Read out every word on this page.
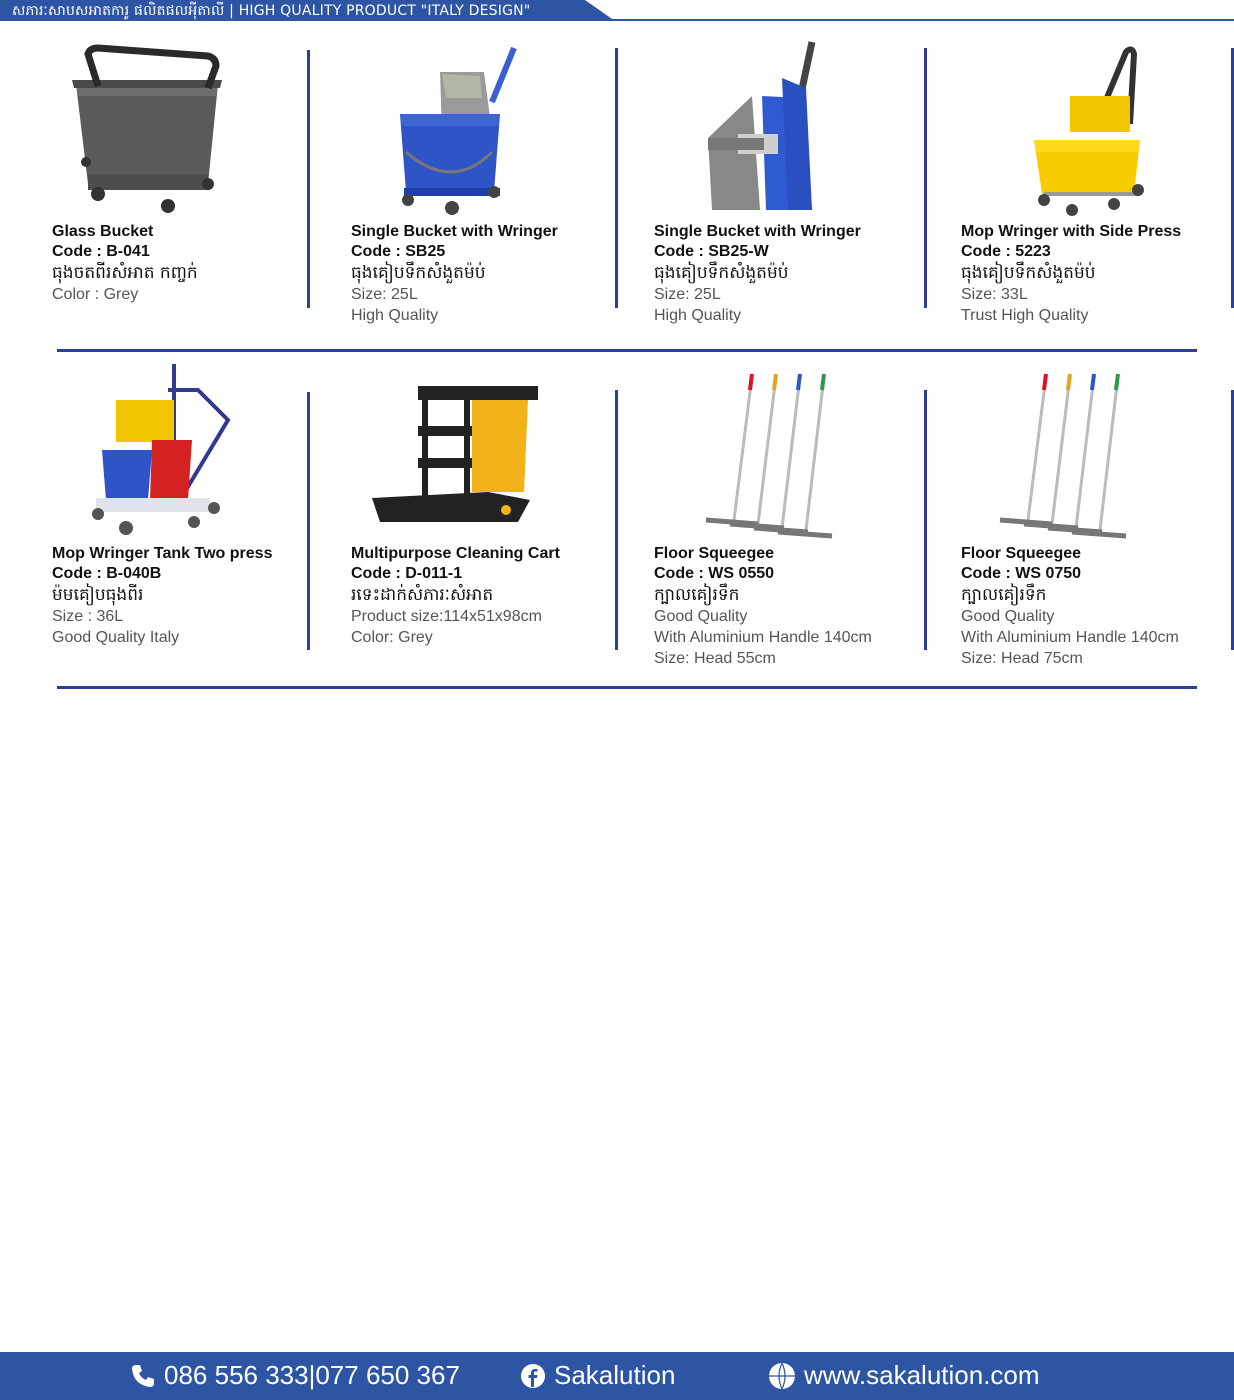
សភារៈសាបសអាតការូ ផលិតផលអុីតាលី | HIGH QUALITY PRODUCT "ITALY DESIGN"
Glass Bucket
Code : B-041
ធុងចតពីរសំអាត កញ្ចក់
Color : Grey
Single Bucket with Wringer
Code : SB25
ធុងគៀបទឹកសំងួតម៉ប់
Size: 25L
High Quality
Single Bucket with Wringer
Code : SB25-W
ធុងគៀបទឹកសំងួតម៉ប់
Size: 25L
High Quality
Mop Wringer with Side Press
Code : 5223
ធុងគៀបទឹកសំងួតម៉ប់
Size: 33L
Trust High Quality
Mop Wringer Tank Two press
Code : B-040B
ម៉មគៀបធុងពីរ
Size : 36L
Good Quality Italy
Multipurpose Cleaning Cart
Code : D-011-1
រទេះដាក់សំភារៈសំអាត
Product size:114x51x98cm
Color: Grey
Floor Squeegee
Code : WS 0550
ក្បាលគៀរទឹក
Good Quality
With Aluminium Handle 140cm
Size: Head 55cm
Floor Squeegee
Code : WS 0750
ក្បាលគៀរទឹក
Good Quality
With Aluminium Handle 140cm
Size: Head 75cm
086 556 333|077 650 367	Sakalution	www.sakalution.com
